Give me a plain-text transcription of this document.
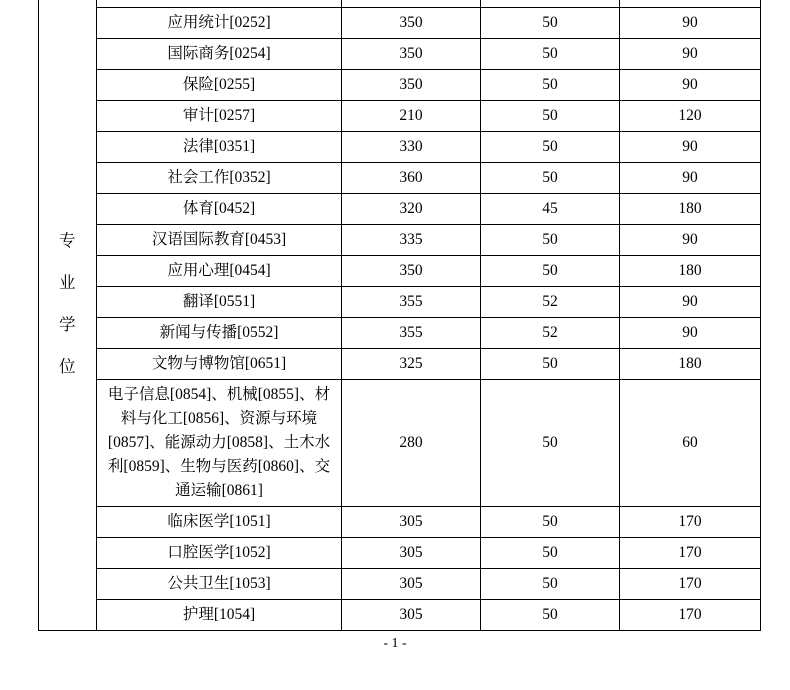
专
业
学
位

	应用统计[0252]	350	50	90
	国际商务[0254]	350	50	90
	保险[0255]	350	50	90
	审计[0257]	210	50	120
	法律[0351]	330	50	90
	社会工作[0352]	360	50	90
	体育[0452]	320	45	180
	汉语国际教育[0453]	335	50	90
	应用心理[0454]	350	50	180
	翻译[0551]	355	52	90
	新闻与传播[0552]	355	52	90
	文物与博物馆[0651]	325	50	180
	电子信息[0854]、机械[0855]、材料与化工[0856]、资源与环境[0857]、能源动力[0858]、土木水利[0859]、生物与医药[0860]、交通运输[0861]	280	50	60
	临床医学[1051]	305	50	170
	口腔医学[1052]	305	50	170
	公共卫生[1053]	305	50	170
	护理[1054]	305	50	170
- 1 -
